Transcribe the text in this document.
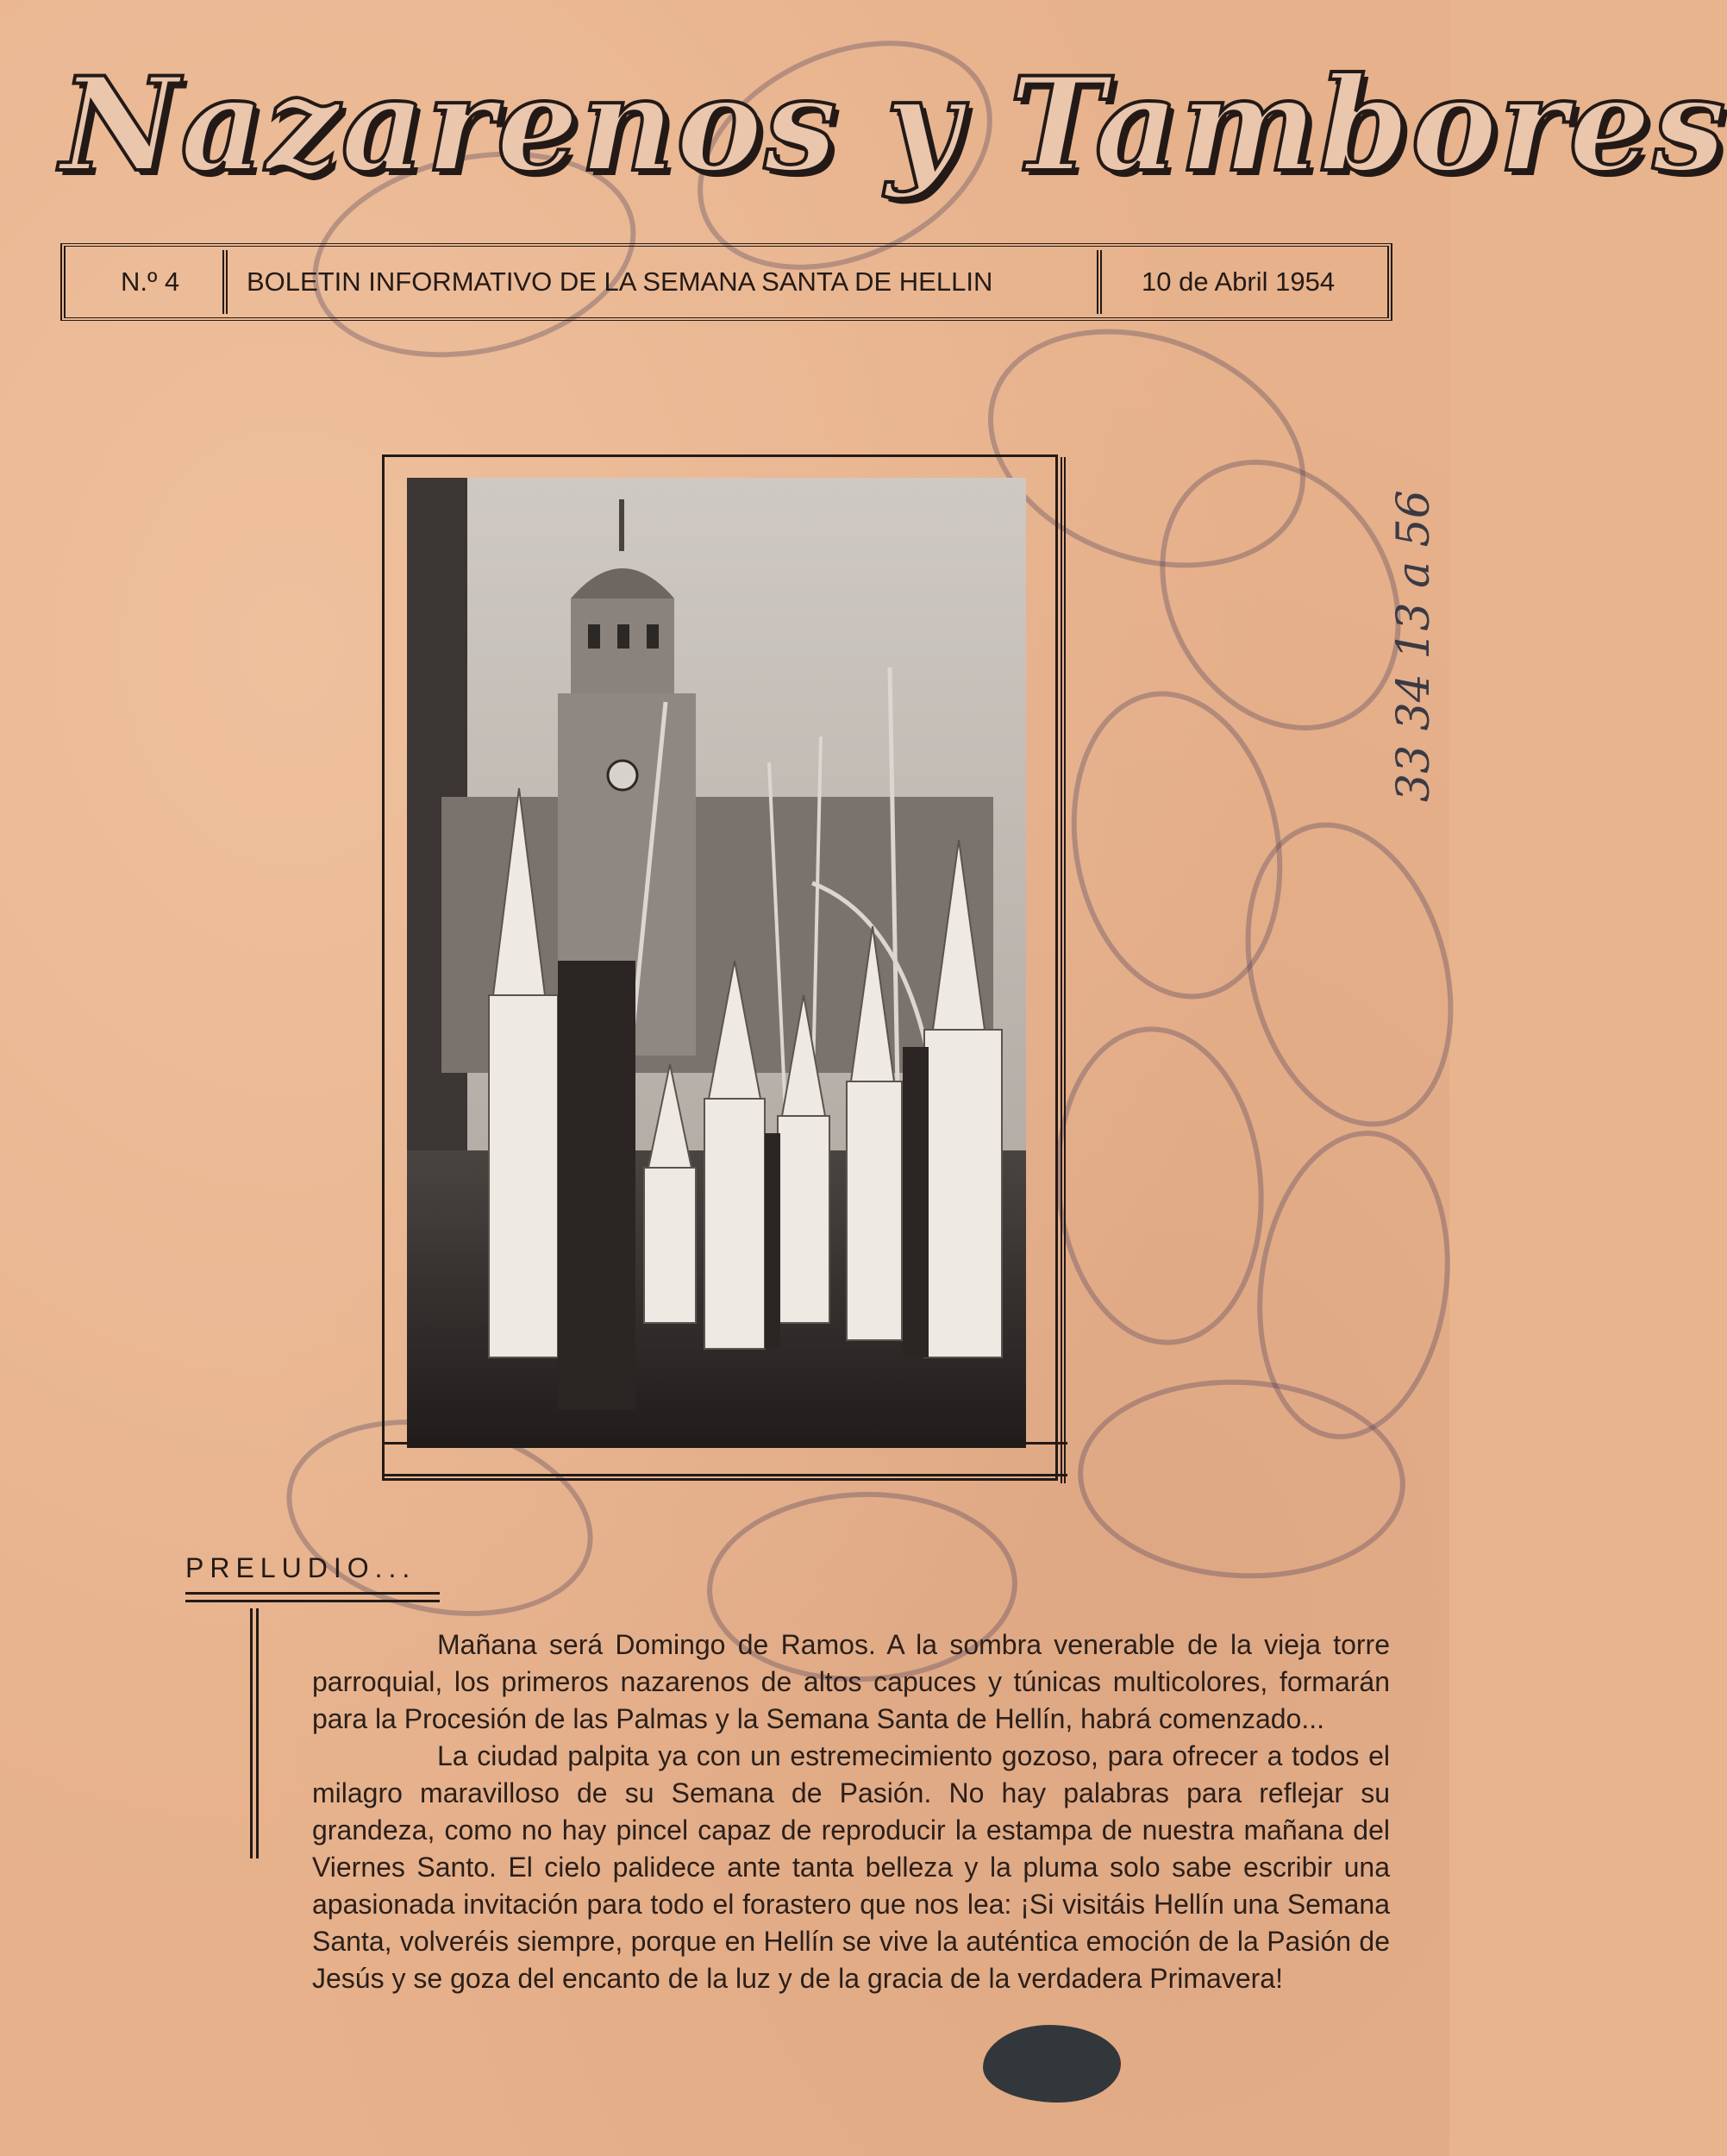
Nazarenos y Tambores
N.º 4	BOLETIN INFORMATIVO DE LA SEMANA SANTA DE HELLIN	10 de Abril 1954
33 34 13 a 56
PRELUDIO...

Mañana será Domingo de Ramos. A la sombra venerable de la vieja torre parroquial, los primeros nazarenos de altos capuces y túnicas multicolores, formarán para la Procesión de las Palmas y la Semana Santa de Hellín, habrá comenzado...

La ciudad palpita ya con un estremecimiento gozoso, para ofrecer a todos el milagro maravilloso de su Semana de Pasión. No hay palabras para reflejar su grandeza, como no hay pincel capaz de reproducir la estampa de nuestra mañana del Viernes Santo. El cielo palidece ante tanta belleza y la pluma solo sabe escribir una apasionada invitación para todo el forastero que nos lea: ¡Si visitáis Hellín una Semana Santa, volveréis siempre, porque en Hellín se vive la auténtica emoción de la Pasión de Jesús y se goza del encanto de la luz y de la gracia de la verdadera Primavera!
